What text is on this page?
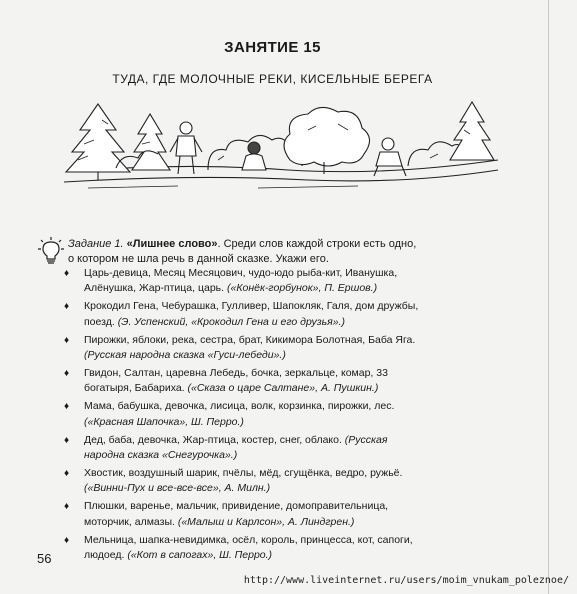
ЗАНЯТИЕ 15
ТУДА, ГДЕ МОЛОЧНЫЕ РЕКИ, КИСЕЛЬНЫЕ БЕРЕГА
Задание 1. «Лишнее слово». Среди слов каждой строки есть одно, о котором не шла речь в данной сказке. Укажи его.
♦ Царь-девица, Месяц Месяцович, чудо-юдо рыба-кит, Иванушка, Алёнушка, Жар-птица, царь. («Конёк-горбунок», П. Ершов.)
♦ Крокодил Гена, Чебурашка, Гулливер, Шапокляк, Галя, дом дружбы, поезд. (Э. Успенский, «Крокодил Гена и его друзья».)
♦ Пирожки, яблоки, река, сестра, брат, Кикимора Болотная, Баба Яга. (Русская народна сказка «Гуси-лебеди».)
♦ Гвидон, Салтан, царевна Лебедь, бочка, зеркальце, комар, 33 богатыря, Бабариха. («Сказа о царе Салтане», А. Пушкин.)
♦ Мама, бабушка, девочка, лисица, волк, корзинка, пирожки, лес. («Красная Шапочка», Ш. Перро.)
♦ Дед, баба, девочка, Жар-птица, костер, снег, облако. (Русская народна сказка «Снегурочка».)
♦ Хвостик, воздушный шарик, пчёлы, мёд, сгущёнка, ведро, ружьё. («Винни-Пух и все-все-все», А. Милн.)
♦ Плюшки, варенье, мальчик, привидение, домоправительница, моторчик, алмазы. («Малыш и Карлсон», А. Линдгрен.)
♦ Мельница, шапка-невидимка, осёл, король, принцесса, кот, сапоги, людоед. («Кот в сапогах», Ш. Перро.)
56
http://www.liveinternet.ru/users/moim_vnukam_poleznoe/
